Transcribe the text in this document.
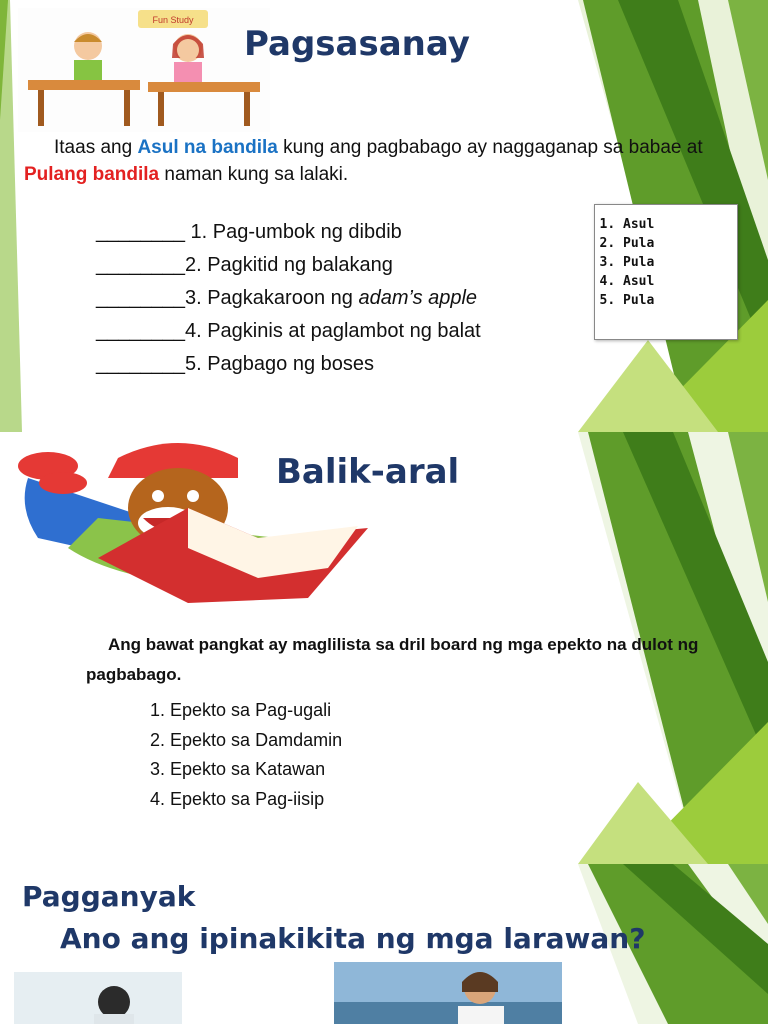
Fun Study
Pagsasanay
Itaas ang Asul na bandila kung ang pagbabago ay naggaganap sa babae at Pulang bandila naman kung sa lalaki.
________ 1. Pag-umbok ng dibdib
________2. Pagkitid ng balakang
________3. Pagkakaroon ng adam’s apple
________4. Pagkinis at paglambot ng balat
________5. Pagbago ng boses
1. Asul
2. Pula
3. Pula
4. Asul
5. Pula
Balik-aral
Ang bawat pangkat ay maglilista sa dril board ng mga epekto na dulot ng pagbabago.
1. Epekto sa Pag-ugali
2. Epekto sa Damdamin
3. Epekto sa Katawan
4. Epekto sa Pag-iisip
Pagganyak
Ano ang ipinakikita ng mga larawan?
